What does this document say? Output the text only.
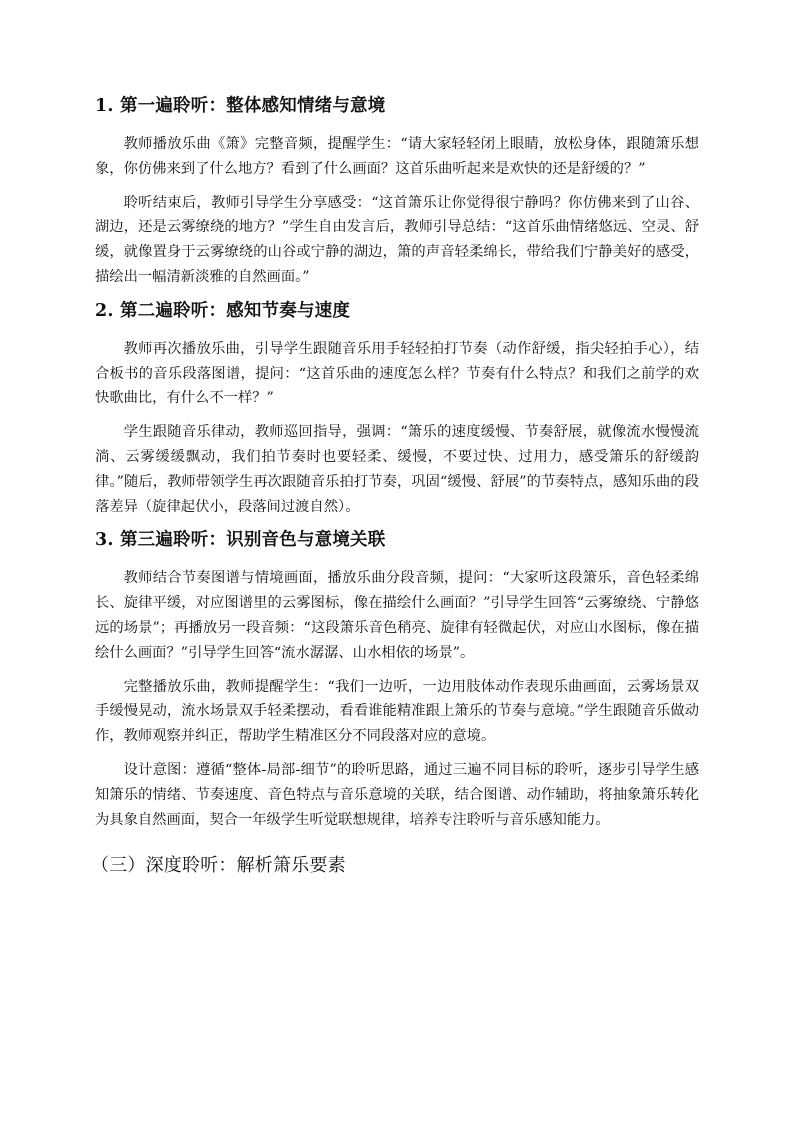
1. 第一遍聆听：整体感知情绪与意境

教师播放乐曲《箫》完整音频，提醒学生：“请大家轻轻闭上眼睛，放松身体，跟随箫乐想象，你仿佛来到了什么地方？看到了什么画面？这首乐曲听起来是欢快的还是舒缓的？”

聆听结束后，教师引导学生分享感受：“这首箫乐让你觉得很宁静吗？你仿佛来到了山谷、湖边，还是云雾缭绕的地方？”学生自由发言后，教师引导总结：“这首乐曲情绪悠远、空灵、舒缓，就像置身于云雾缭绕的山谷或宁静的湖边，箫的声音轻柔绵长，带给我们宁静美好的感受，描绘出一幅清新淡雅的自然画面。”

2. 第二遍聆听：感知节奏与速度

教师再次播放乐曲，引导学生跟随音乐用手轻轻拍打节奏（动作舒缓，指尖轻拍手心），结合板书的音乐段落图谱，提问：“这首乐曲的速度怎么样？节奏有什么特点？和我们之前学的欢快歌曲比，有什么不一样？”

学生跟随音乐律动，教师巡回指导，强调：“箫乐的速度缓慢、节奏舒展，就像流水慢慢流淌、云雾缓缓飘动，我们拍节奏时也要轻柔、缓慢，不要过快、过用力，感受箫乐的舒缓韵律。”随后，教师带领学生再次跟随音乐拍打节奏，巩固“缓慢、舒展”的节奏特点，感知乐曲的段落差异（旋律起伏小，段落间过渡自然）。

3. 第三遍聆听：识别音色与意境关联

教师结合节奏图谱与情境画面，播放乐曲分段音频，提问：“大家听这段箫乐，音色轻柔绵长、旋律平缓，对应图谱里的云雾图标，像在描绘什么画面？”引导学生回答“云雾缭绕、宁静悠远的场景”；再播放另一段音频：“这段箫乐音色稍亮、旋律有轻微起伏，对应山水图标，像在描绘什么画面？”引导学生回答“流水潺潺、山水相依的场景”。

完整播放乐曲，教师提醒学生：“我们一边听，一边用肢体动作表现乐曲画面，云雾场景双手缓慢晃动，流水场景双手轻柔摆动，看看谁能精准跟上箫乐的节奏与意境。”学生跟随音乐做动作，教师观察并纠正，帮助学生精准区分不同段落对应的意境。

设计意图：遵循“整体-局部-细节”的聆听思路，通过三遍不同目标的聆听，逐步引导学生感知箫乐的情绪、节奏速度、音色特点与音乐意境的关联，结合图谱、动作辅助，将抽象箫乐转化为具象自然画面，契合一年级学生听觉联想规律，培养专注聆听与音乐感知能力。

（三）深度聆听：解析箫乐要素
